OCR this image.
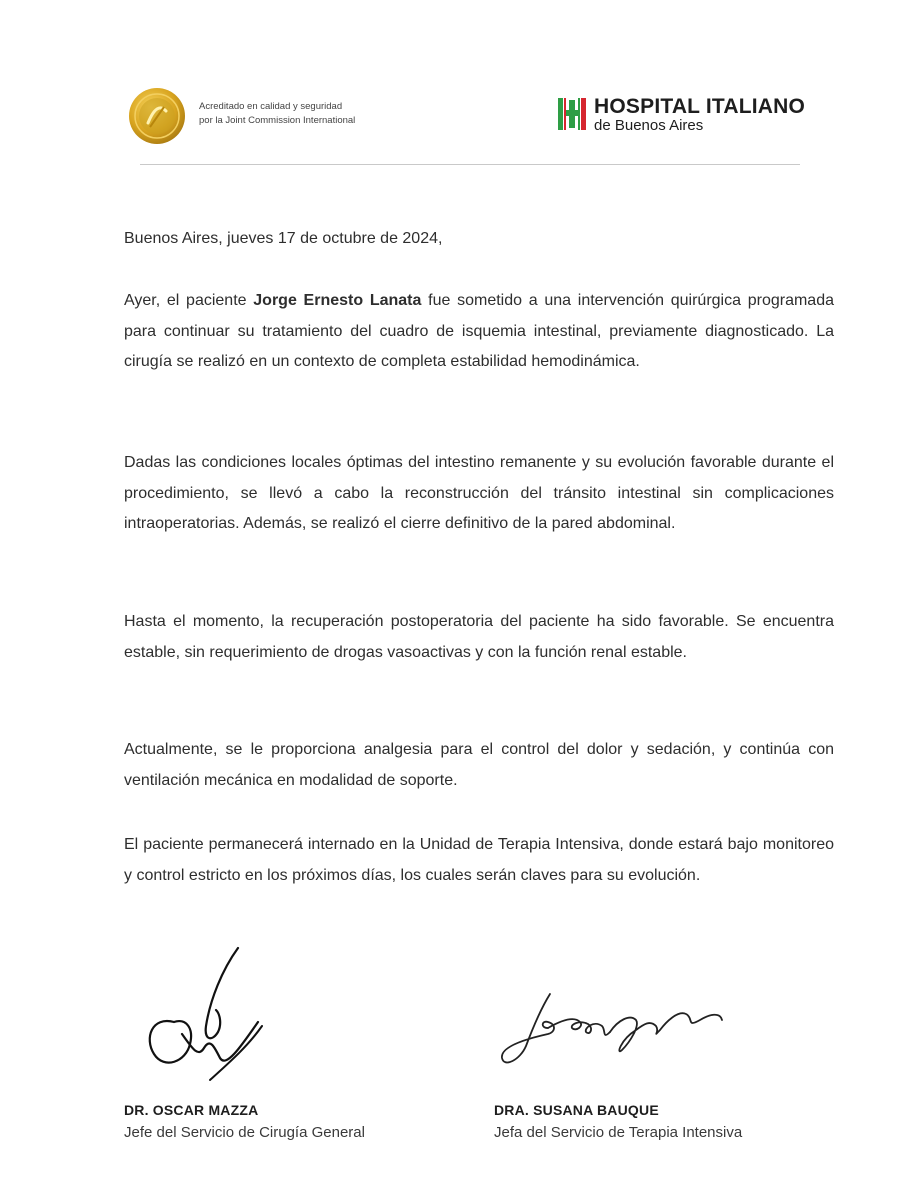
Acreditado en calidad y seguridad
por la Joint Commission International
HOSPITAL ITALIANO
de Buenos Aires
Buenos Aires, jueves 17 de octubre de 2024,
Ayer, el paciente Jorge Ernesto Lanata fue sometido a una intervención quirúrgica programada para continuar su tratamiento del cuadro de isquemia intestinal, previamente diagnosticado. La cirugía se realizó en un contexto de completa estabilidad hemodinámica.
Dadas las condiciones locales óptimas del intestino remanente y su evolución favorable durante el procedimiento, se llevó a cabo la reconstrucción del tránsito intestinal sin complicaciones intraoperatorias. Además, se realizó el cierre definitivo de la pared abdominal.
Hasta el momento, la recuperación postoperatoria del paciente ha sido favorable. Se encuentra estable, sin requerimiento de drogas vasoactivas y con la función renal estable.
Actualmente, se le proporciona analgesia para el control del dolor y sedación, y continúa con ventilación mecánica en modalidad de soporte.
El paciente permanecerá internado en la Unidad de Terapia Intensiva, donde estará bajo monitoreo y control estricto en los próximos días, los cuales serán claves para su evolución.
DR. OSCAR MAZZA
Jefe del Servicio de Cirugía General
DRA. SUSANA BAUQUE
Jefa del Servicio de Terapia Intensiva
